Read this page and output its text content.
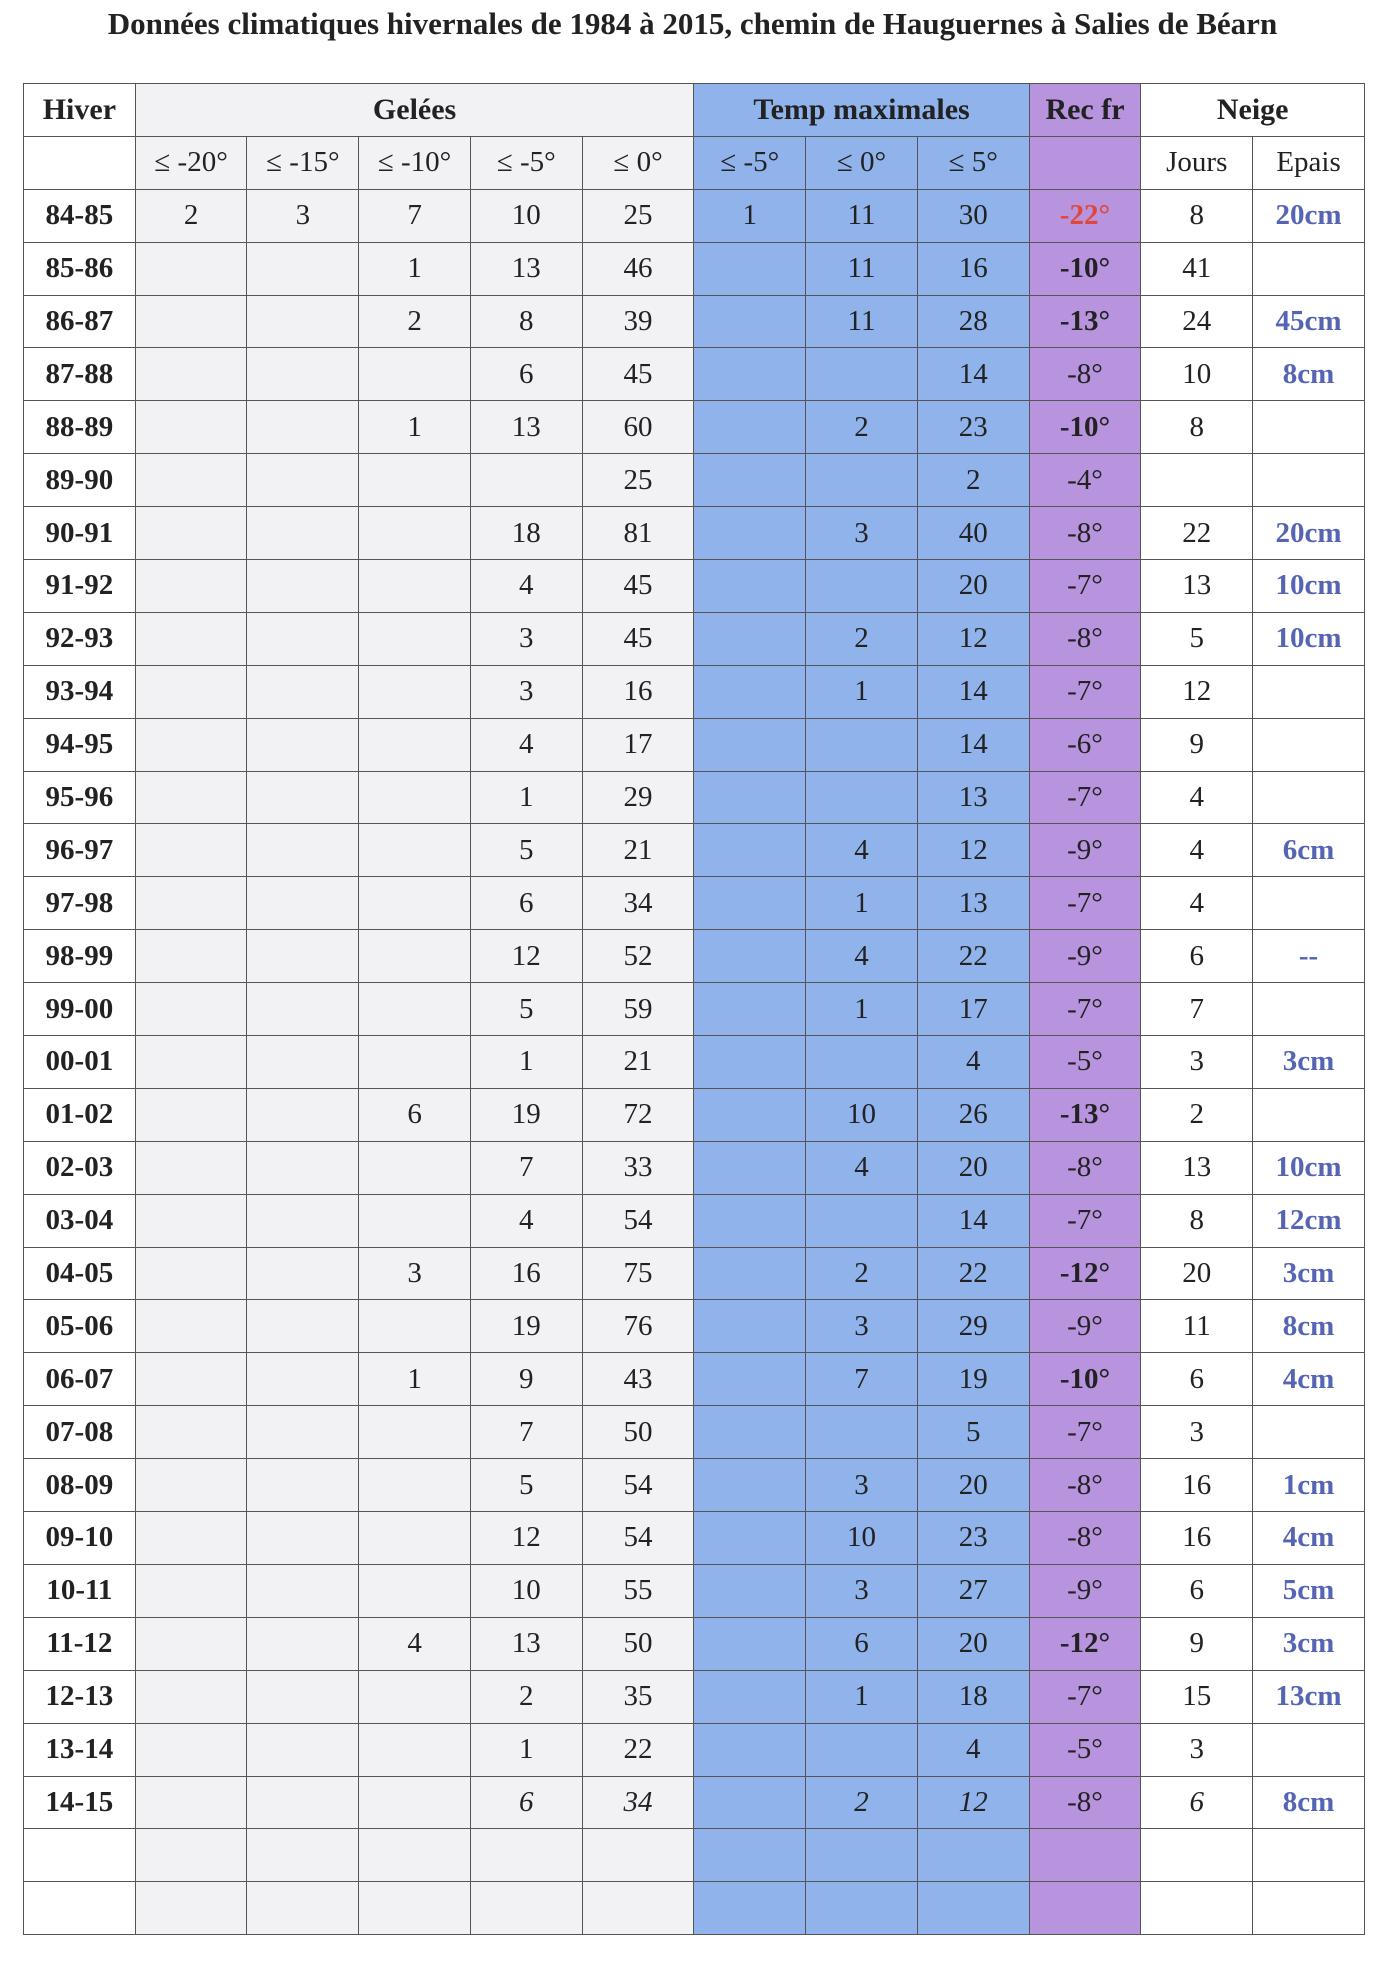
Données climatiques hivernales de 1984 à 2015, chemin de Hauguernes à Salies de Béarn
Hiver	Gelées					Temp maximales			Rec fr	Neige	
	≤ -20°	≤ -15°	≤ -10°	≤ -5°	≤ 0°	≤ -5°	≤ 0°	≤ 5°		Jours	Epais
84-85	2	3	7	10	25	1	11	30	-22°	8	20cm
85-86			1	13	46		11	16	-10°	41	
86-87			2	8	39		11	28	-13°	24	45cm
87-88				6	45			14	-8°	10	8cm
88-89			1	13	60		2	23	-10°	8	
89-90					25			2	-4°		
90-91				18	81		3	40	-8°	22	20cm
91-92				4	45			20	-7°	13	10cm
92-93				3	45		2	12	-8°	5	10cm
93-94				3	16		1	14	-7°	12	
94-95				4	17			14	-6°	9	
95-96				1	29			13	-7°	4	
96-97				5	21		4	12	-9°	4	6cm
97-98				6	34		1	13	-7°	4	
98-99				12	52		4	22	-9°	6	--
99-00				5	59		1	17	-7°	7	
00-01				1	21			4	-5°	3	3cm
01-02			6	19	72		10	26	-13°	2	
02-03				7	33		4	20	-8°	13	10cm
03-04				4	54			14	-7°	8	12cm
04-05			3	16	75		2	22	-12°	20	3cm
05-06				19	76		3	29	-9°	11	8cm
06-07			1	9	43		7	19	-10°	6	4cm
07-08				7	50			5	-7°	3	
08-09				5	54		3	20	-8°	16	1cm
09-10				12	54		10	23	-8°	16	4cm
10-11				10	55		3	27	-9°	6	5cm
11-12			4	13	50		6	20	-12°	9	3cm
12-13				2	35		1	18	-7°	15	13cm
13-14				1	22			4	-5°	3	
14-15				6	34		2	12	-8°	6	8cm
